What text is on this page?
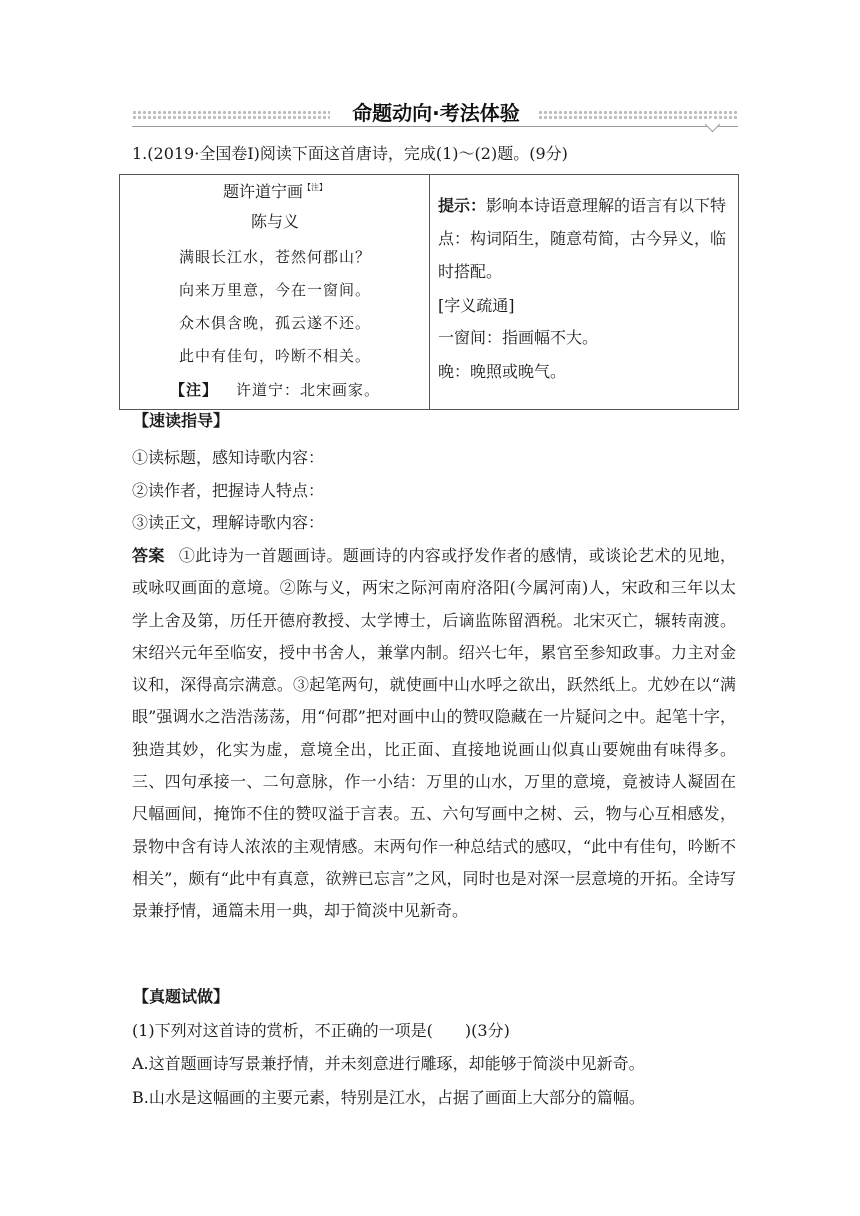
命题动向·考法体验
1.(2019·全国卷Ⅰ)阅读下面这首唐诗，完成(1)～(2)题。(9分)
题许道宁画$^{【注】}$
陈与义
满眼长江水，苍然何郡山？
向来万里意，今在一窗间。
众木俱含晚，孤云遂不还。
此中有佳句，吟断不相关。
【注】 许道宁：北宋画家。
提示：影响本诗语意理解的语言有以下特点：构词陌生，随意苟简，古今异义，临时搭配。
[字义疏通]
一窗间：指画幅不大。
晚：晚照或晚气。
【速读指导】
①读标题，感知诗歌内容：
②读作者，把握诗人特点：
③读正文，理解诗歌内容：
答案 ①此诗为一首题画诗。题画诗的内容或抒发作者的感情，或谈论艺术的见地，或咏叹画面的意境。②陈与义，两宋之际河南府洛阳(今属河南)人，宋政和三年以太学上舍及第，历任开德府教授、太学博士，后谪监陈留酒税。北宋灭亡，辗转南渡。宋绍兴元年至临安，授中书舍人，兼掌内制。绍兴七年，累官至参知政事。力主对金议和，深得高宗满意。③起笔两句，就使画中山水呼之欲出，跃然纸上。尤妙在以“满眼”强调水之浩浩荡荡，用“何郡”把对画中山的赞叹隐藏在一片疑问之中。起笔十字，独造其妙，化实为虚，意境全出，比正面、直接地说画山似真山要婉曲有味得多。三、四句承接一、二句意脉，作一小结：万里的山水，万里的意境，竟被诗人凝固在尺幅画间，掩饰不住的赞叹溢于言表。五、六句写画中之树、云，物与心互相感发，景物中含有诗人浓浓的主观情感。末两句作一种总结式的感叹，“此中有佳句，吟断不相关”，颇有“此中有真意，欲辨已忘言”之风，同时也是对深一层意境的开拓。全诗写景兼抒情，通篇未用一典，却于简淡中见新奇。
【真题试做】
(1)下列对这首诗的赏析，不正确的一项是(　　)(3分)
A.这首题画诗写景兼抒情，并未刻意进行雕琢，却能够于简淡中见新奇。
B.山水是这幅画的主要元素，特别是江水，占据了画面上大部分的篇幅。
